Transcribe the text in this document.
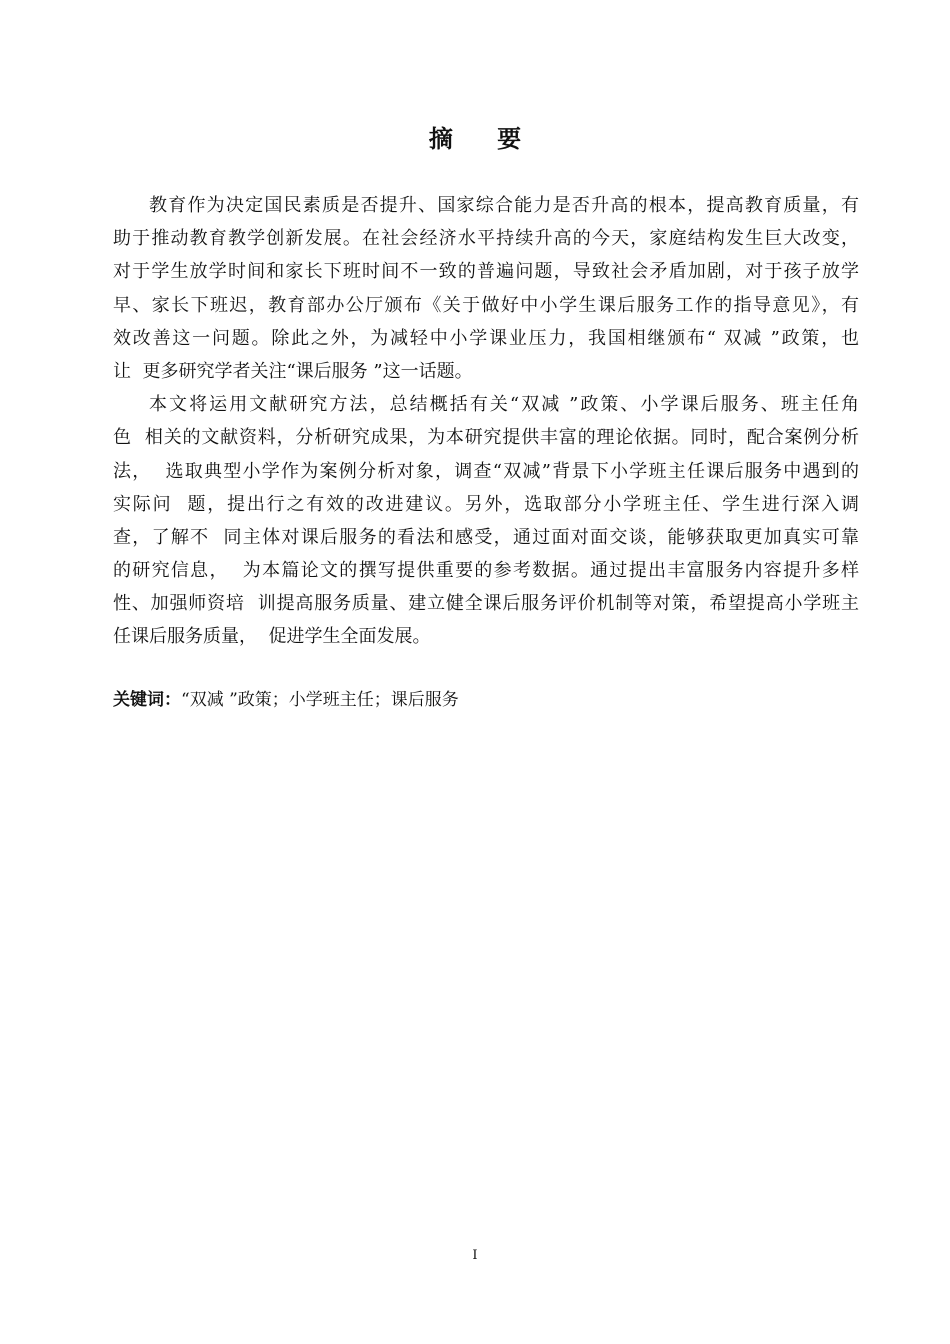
摘 要
教育作为决定国民素质是否提升、国家综合能力是否升高的根本，提高教育质量，有
助于推动教育教学创新发展。在社会经济水平持续升高的今天，家庭结构发生巨大改变，
对于学生放学时间和家长下班时间不一致的普遍问题，导致社会矛盾加剧，对于孩子放学
早、家长下班迟，教育部办公厅颁布《关于做好中小学生课后服务工作的指导意见》，有
效改善这一问题。除此之外，为减轻中小学课业压力，我国相继颁布“ 双减 ”政策，也
让  更多研究学者关注“课后服务 ”这一话题。
本文将运用文献研究方法，总结概括有关“双减 ”政策、小学课后服务、班主任角
色  相关的文献资料，分析研究成果，为本研究提供丰富的理论依据。同时，配合案例分析
法，  选取典型小学作为案例分析对象，调查“双减”背景下小学班主任课后服务中遇到的
实际问  题，提出行之有效的改进建议。另外，选取部分小学班主任、学生进行深入调
查，了解不  同主体对课后服务的看法和感受，通过面对面交谈，能够获取更加真实可靠
的研究信息，  为本篇论文的撰写提供重要的参考数据。通过提出丰富服务内容提升多样
性、加强师资培  训提高服务质量、建立健全课后服务评价机制等对策，希望提高小学班主
任课后服务质量，  促进学生全面发展。
关键词：“双减 ”政策；小学班主任；课后服务
I
